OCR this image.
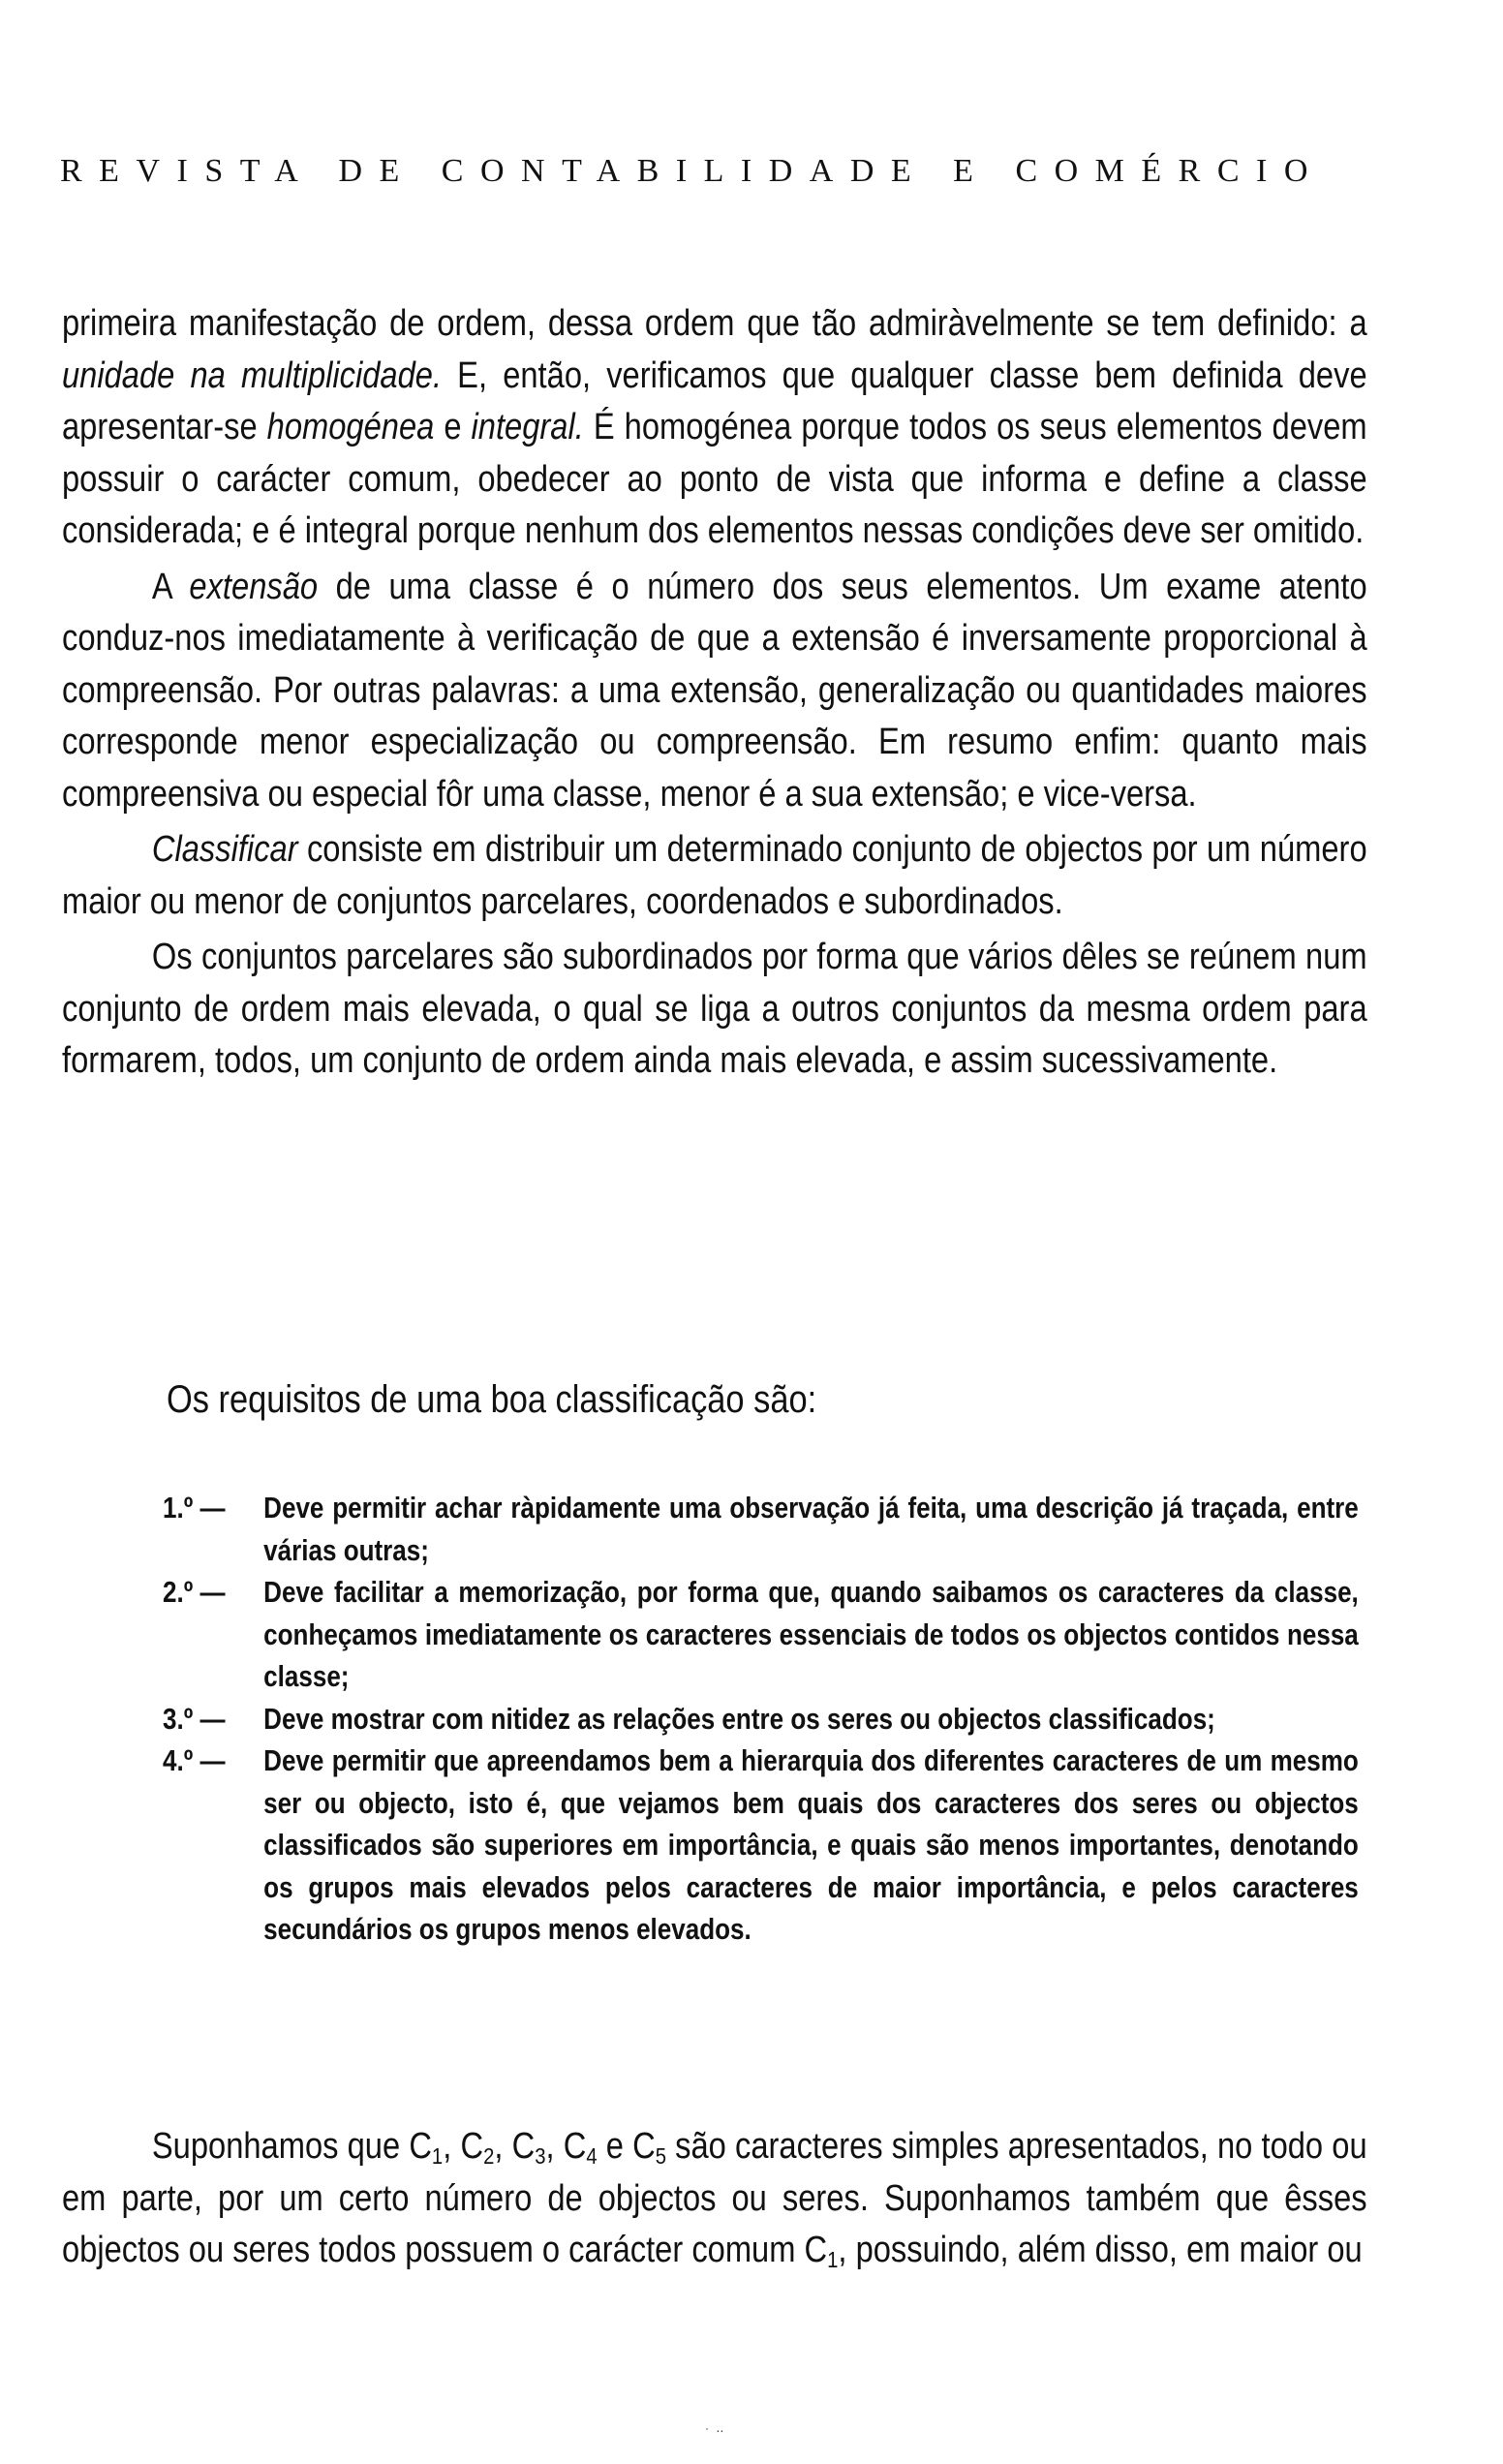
REVISTA DE CONTABILIDADE E COMÉRCIO

primeira manifestação de ordem, dessa ordem que tão admiràvelmente se tem definido: a unidade na multiplicidade. E, então, verificamos que qualquer classe bem definida deve apresentar-se homogénea e integral. É homogénea porque todos os seus elementos devem possuir o carácter comum, obedecer ao ponto de vista que informa e define a classe considerada; e é integral porque nenhum dos elementos nessas condições deve ser omitido.

A extensão de uma classe é o número dos seus elementos. Um exame atento conduz-nos imediatamente à verificação de que a extensão é inversamente proporcional à compreensão. Por outras palavras: a uma extensão, generalização ou quantidades maiores corresponde menor especialização ou compreensão. Em resumo enfim: quanto mais compreensiva ou especial fôr uma classe, menor é a sua extensão; e vice-versa.

Classificar consiste em distribuir um determinado conjunto de objectos por um número maior ou menor de conjuntos parcelares, coordenados e subordinados.

Os conjuntos parcelares são subordinados por forma que vários dêles se reúnem num conjunto de ordem mais elevada, o qual se liga a outros conjuntos da mesma ordem para formarem, todos, um conjunto de ordem ainda mais elevada, e assim sucessivamente.

Os requisitos de uma boa classificação são:
1.º —	Deve permitir achar ràpidamente uma observação já feita, uma descrição já traçada, entre várias outras;
2.º —	Deve facilitar a memorização, por forma que, quando saibamos os caracteres da classe, conheçamos imediatamente os caracteres essenciais de todos os objectos contidos nessa classe;
3.º —	Deve mostrar com nitidez as relações entre os seres ou objectos classificados;
4.º —	Deve permitir que apreendamos bem a hierarquia dos diferentes caracteres de um mesmo ser ou objecto, isto é, que vejamos bem quais dos caracteres dos seres ou objectos classificados são superiores em importância, e quais são menos importantes, denotando os grupos mais elevados pelos caracteres de maior importância, e pelos caracteres secundários os grupos menos elevados.

Suponhamos que $C_1$, $C_2$, $C_3$, $C_4$ e $C_5$ são caracteres simples apresentados, no todo ou em parte, por um certo número de objectos ou seres. Suponhamos também que êsses objectos ou seres todos possuem o carácter comum $C_1$, possuindo, além disso, em maior ou

· ‥
